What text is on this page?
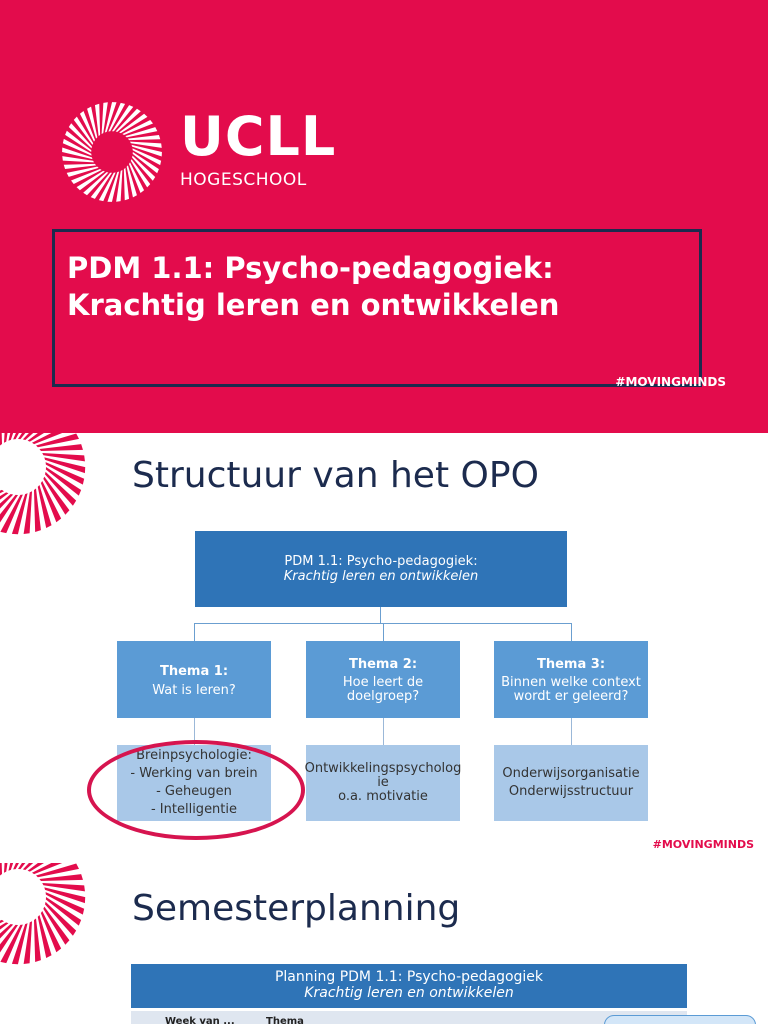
UCLL
HOGESCHOOL
PDM 1.1: Psycho-pedagogiek:
Krachtig leren en ontwikkelen
#MOVINGMINDS
Structuur van het OPO
PDM 1.1: Psycho-pedagogiek:
Krachtig leren en ontwikkelen
Thema 1:
Wat is leren?
Thema 2:
Hoe leert de doelgroep?
Thema 3:
Binnen welke context wordt er geleerd?
Breinpsychologie:
- Werking van brein
- Geheugen
- Intelligentie
Ontwikkelingspsycholog
ie
o.a. motivatie
Onderwijsorganisatie
Onderwijsstructuur
#MOVINGMINDS
Semesterplanning
Planning PDM 1.1: Psycho-pedagogiek
Krachtig leren en ontwikkelen
Week van ...	Thema
